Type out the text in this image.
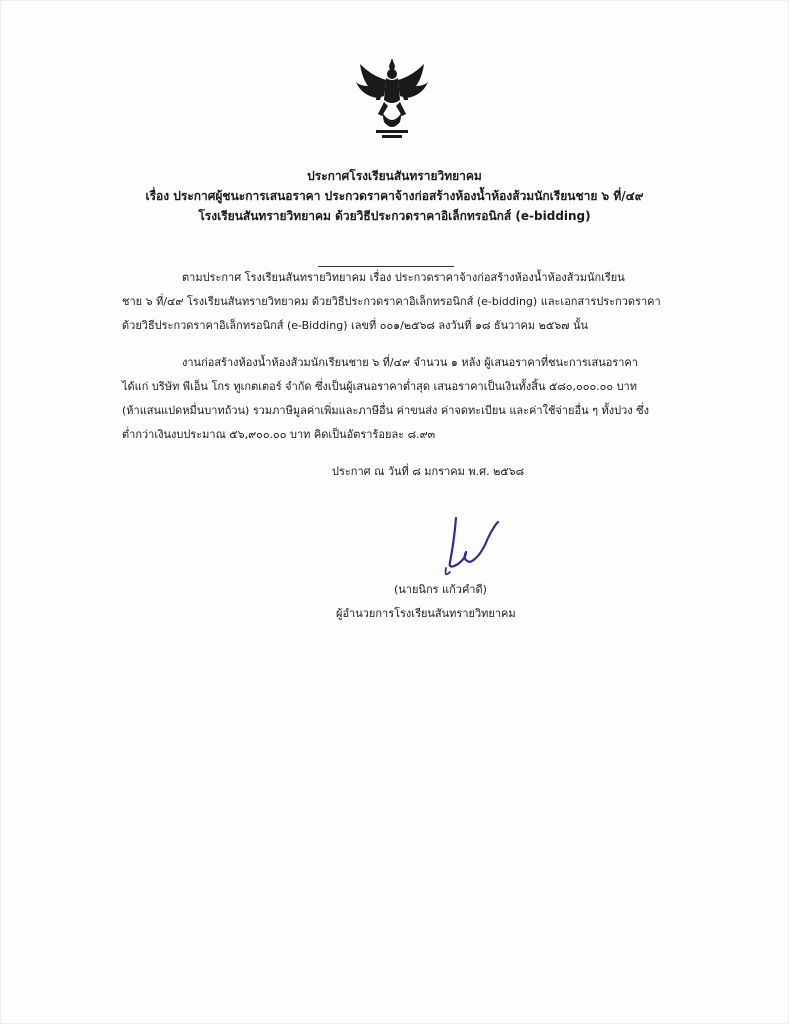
ประกาศโรงเรียนสันทรายวิทยาคม
เรื่อง ประกาศผู้ชนะการเสนอราคา ประกวดราคาจ้างก่อสร้างห้องน้ำห้องส้วมนักเรียนชาย ๖ ที่/๔๙
โรงเรียนสันทรายวิทยาคม ด้วยวิธีประกวดราคาอิเล็กทรอนิกส์ (e-bidding)
ตามประกาศ โรงเรียนสันทรายวิทยาคม เรื่อง ประกวดราคาจ้างก่อสร้างห้องน้ำห้องส้วมนักเรียน
ชาย ๖ ที่/๔๙ โรงเรียนสันทรายวิทยาคม ด้วยวิธีประกวดราคาอิเล็กทรอนิกส์ (e-bidding) และเอกสารประกวดราคา
ด้วยวิธีประกวดราคาอิเล็กทรอนิกส์ (e-Bidding) เลขที่ ๐๐๑/๒๕๖๘ ลงวันที่ ๑๘ ธันวาคม ๒๕๖๗ นั้น
งานก่อสร้างห้องน้ำห้องส้วมนักเรียนชาย ๖ ที่/๔๙ จำนวน ๑ หลัง ผู้เสนอราคาที่ชนะการเสนอราคา
ได้แก่ บริษัท พีเอ็น โกร ทูเกตเตอร์ จำกัด ซึ่งเป็นผู้เสนอราคาต่ำสุด เสนอราคาเป็นเงินทั้งสิ้น ๕๘๐,๐๐๐.๐๐ บาท
(ห้าแสนแปดหมื่นบาทถ้วน) รวมภาษีมูลค่าเพิ่มและภาษีอื่น ค่าขนส่ง ค่าจดทะเบียน และค่าใช้จ่ายอื่น ๆ ทั้งปวง ซึ่ง
ต่ำกว่าเงินงบประมาณ ๕๖,๙๐๐.๐๐ บาท คิดเป็นอัตราร้อยละ ๘.๙๓
ประกาศ ณ วันที่ ๘ มกราคม พ.ศ. ๒๕๖๘
(นายนิกร แก้วคำดี)
ผู้อำนวยการโรงเรียนสันทรายวิทยาคม
